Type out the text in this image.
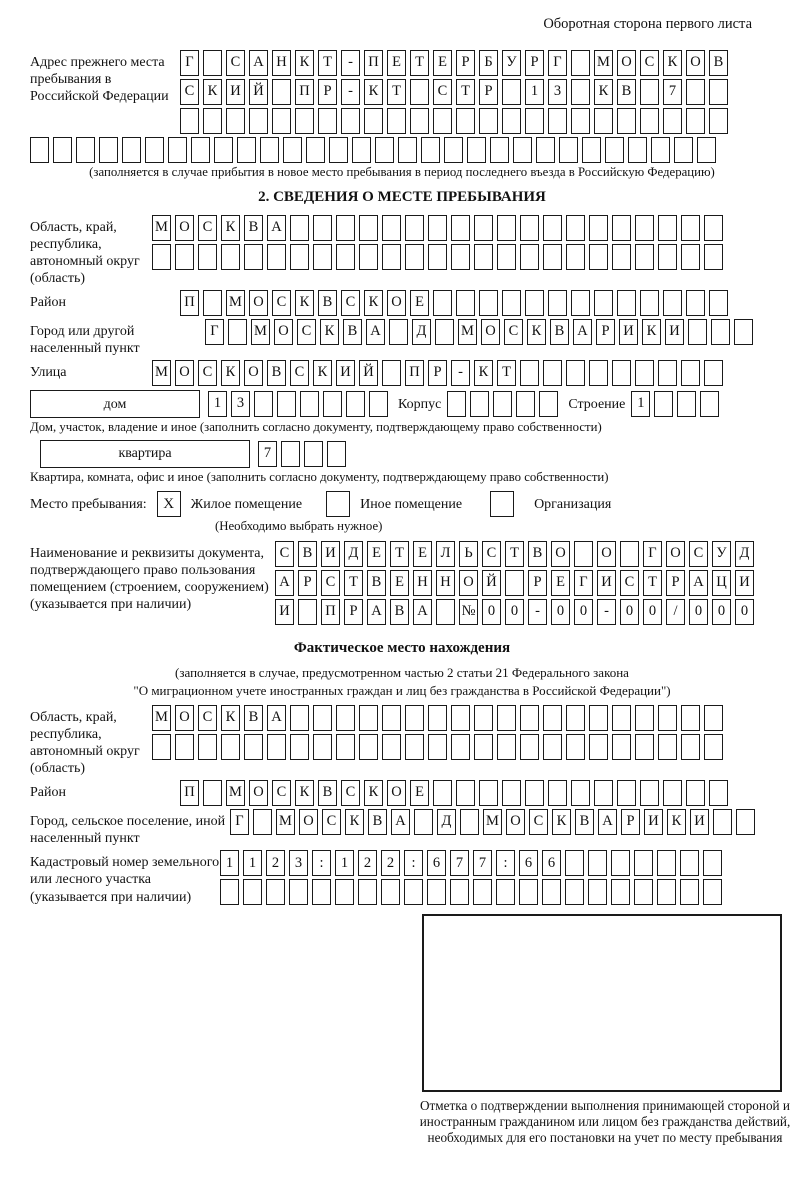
Оборотная сторона первого листа
Адрес прежнего места пребывания в Российской Федерации
Г	С А Н К Т	-	П Е Т Е	Р	Б У Р	Г	М О С К О В
С К И Й П Р	-	К Т	С Т	Р	1	3	К В	7
(заполняется в случае прибытия в новое место пребывания в период последнего въезда в Российскую Федерацию)
2. СВЕДЕНИЯ О МЕСТЕ ПРЕБЫВАНИЯ
Область, край, республика, автономный округ (область)
М О С К В А
Район	П М О С К В С К О Е
Город или другой населенный пункт
Г	М О С К В А	Д	М О С К В А Р И К И
Улица	М О С К О В С К И Й П Р	-	К Т
дом	1	3	Корпус	Строение 1
Дом, участок, владение и иное (заполнить согласно документу, подтверждающему право собственности)
квартира	7
Квартира, комната, офис и иное (заполнить согласно документу, подтверждающему право собственности)
Место пребывания:	X	Жилое помещение	Иное помещение	Организация
(Необходимо выбрать нужное)
Наименование и реквизиты документа, подтверждающего право пользования помещением (строением, сооружением) (указывается при наличии)
С В И Д Е Т Е Л Ь С Т В О О	Г О С У Д
А Р С Т В Е Н Н О Й	Р	Е Г И С Т	Р А Ц И
И П Р А В А № 0	0	-	0	0	-	0	0	/	0	0	0
Фактическое место нахождения
(заполняется в случае, предусмотренном частью 2 статьи 21 Федерального закона
"О миграционном учете иностранных граждан и лиц без гражданства в Российской Федерации")
Область, край, республика, автономный округ (область)
М О С К В А
Район	П М О С К В С К О Е
Город, сельское поселение, иной населенный пункт
Г	М О С К В А	Д	М О С К В А Р И К И
Кадастровый номер земельного или лесного участка (указывается при наличии)
1	1	2	3	:	1	2	2	:	6	7	7	:	6	6
Отметка о подтверждении выполнения принимающей стороной и иностранным гражданином или лицом без гражданства действий, необходимых для его постановки на учет по месту пребывания
